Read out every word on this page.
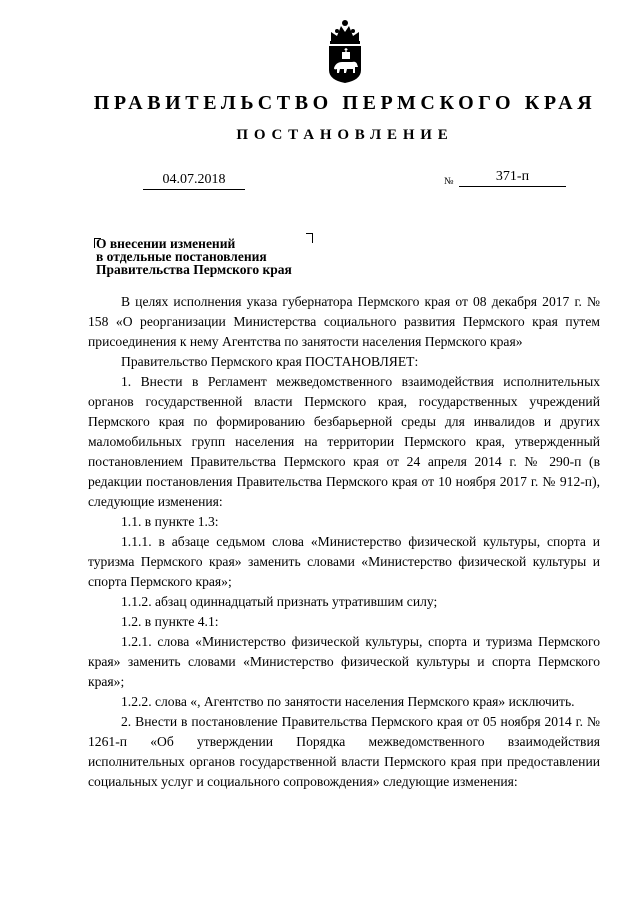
ПРАВИТЕЛЬСТВО ПЕРМСКОГО КРАЯ
ПОСТАНОВЛЕНИЕ
04.07.2018	№	371-п
О внесении изменений
в отдельные постановления
Правительства Пермского края

В целях исполнения указа губернатора Пермского края от 08 декабря 2017 г. № 158 «О реорганизации Министерства социального развития Пермского края путем присоединения к нему Агентства по занятости населения Пермского края»

Правительство Пермского края ПОСТАНОВЛЯЕТ:

1. Внести в Регламент межведомственного взаимодействия исполнительных органов государственной власти Пермского края, государственных учреждений Пермского края по формированию безбарьерной среды для инвалидов и других маломобильных групп населения на территории Пермского края, утвержденный постановлением Правительства Пермского края от 24 апреля 2014 г. № 290-п (в редакции постановления Правительства Пермского края от 10 ноября 2017 г. № 912-п), следующие изменения:

1.1. в пункте 1.3:

1.1.1. в абзаце седьмом слова «Министерство физической культуры, спорта и туризма Пермского края» заменить словами «Министерство физической культуры и спорта Пермского края»;

1.1.2. абзац одиннадцатый признать утратившим силу;

1.2. в пункте 4.1:

1.2.1. слова «Министерство физической культуры, спорта и туризма Пермского края» заменить словами «Министерство физической культуры и спорта Пермского края»;

1.2.2. слова «, Агентство по занятости населения Пермского края» исключить.

2. Внести в постановление Правительства Пермского края от 05 ноября 2014 г. № 1261-п «Об утверждении Порядка межведомственного взаимодействия исполнительных органов государственной власти Пермского края при предоставлении социальных услуг и социального сопровождения» следующие изменения:
